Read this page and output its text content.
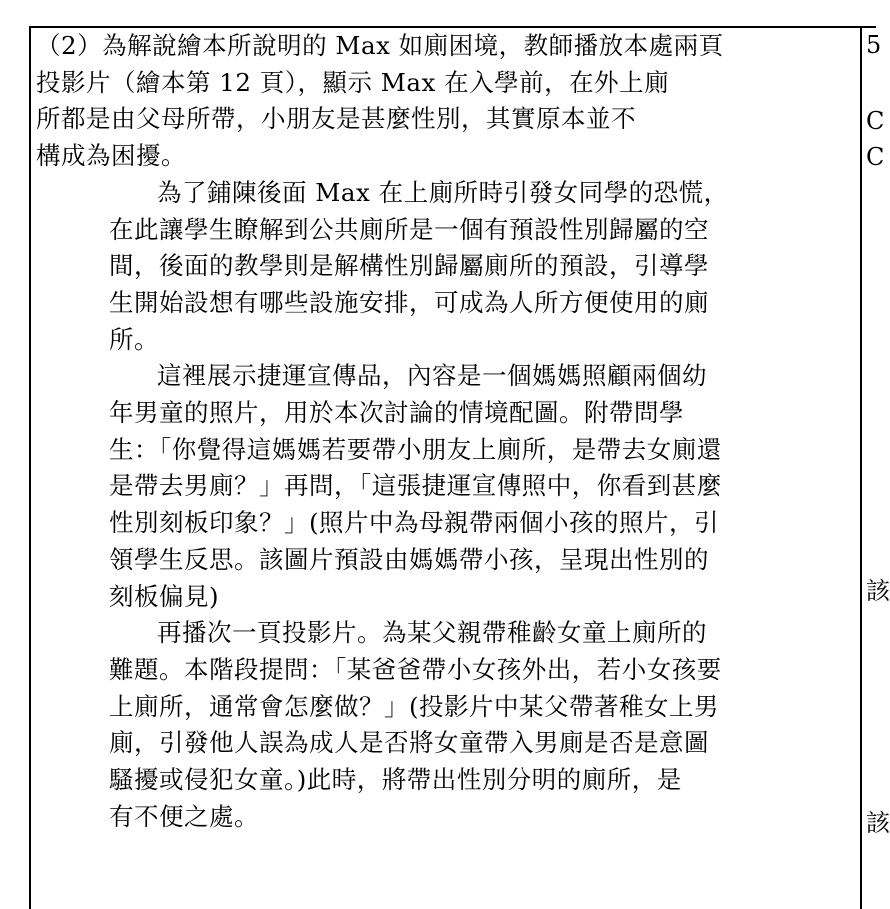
（2）為解說繪本所說明的 Max 如廁困境，教師播放本處兩頁
投影片（繪本第 12 頁），顯示 Max 在入學前，在外上廁
所都是由父母所帶，小朋友是甚麼性別，其實原本並不
構成為困擾。
為了鋪陳後面 Max 在上廁所時引發女同學的恐慌，
在此讓學生瞭解到公共廁所是一個有預設性別歸屬的空
間，後面的教學則是解構性別歸屬廁所的預設，引導學
生開始設想有哪些設施安排，可成為人所方便使用的廁
所。
這裡展示捷運宣傳品，內容是一個媽媽照顧兩個幼
年男童的照片，用於本次討論的情境配圖。附帶問學
生：「你覺得這媽媽若要帶小朋友上廁所，是帶去女廁還
是帶去男廁？」再問，「這張捷運宣傳照中，你看到甚麼
性別刻板印象？」(照片中為母親帶兩個小孩的照片，引
領學生反思。該圖片預設由媽媽帶小孩，呈現出性別的
刻板偏見)
再播次一頁投影片。為某父親帶稚齡女童上廁所的
難題。本階段提問：「某爸爸帶小女孩外出，若小女孩要
上廁所，通常會怎麼做？」(投影片中某父帶著稚女上男
廁，引發他人誤為成人是否將女童帶入男廁是否是意圖
騷擾或侵犯女童。)此時，將帶出性別分明的廁所，是
有不便之處。
5
C
C
該
該
